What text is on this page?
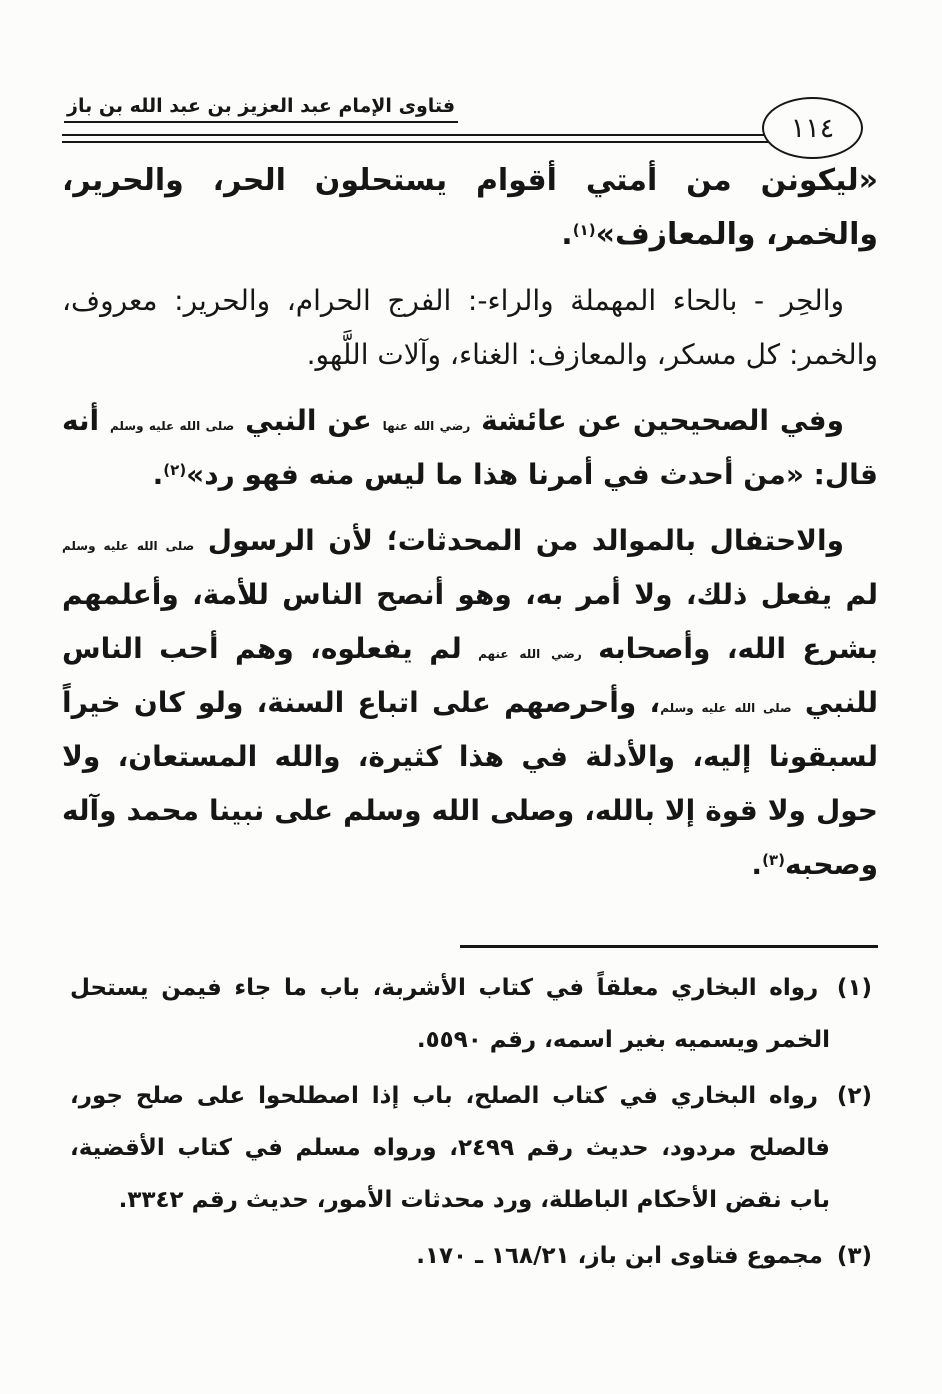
فتاوى الإمام عبد العزيز بن عبد الله بن باز
١١٤

«ليكونن من أمتي أقوام يستحلون الحر، والحرير، والخمر، والمعازف»$^{(١)}$.

والحِر - بالحاء المهملة والراء-: الفرج الحرام، والحرير: معروف، والخمر: كل مسكر، والمعازف: الغناء، وآلات اللَّهو.

وفي الصحيحين عن عائشة رضي الله عنها عن النبي صلى الله عليه وسلم أنه قال: «من أحدث في أمرنا هذا ما ليس منه فهو رد»$^{(٢)}$.

والاحتفال بالموالد من المحدثات؛ لأن الرسول صلى الله عليه وسلم لم يفعل ذلك، ولا أمر به، وهو أنصح الناس للأمة، وأعلمهم بشرع الله، وأصحابه رضي الله عنهم لم يفعلوه، وهم أحب الناس للنبي صلى الله عليه وسلم، وأحرصهم على اتباع السنة، ولو كان خيراً لسبقونا إليه، والأدلة في هذا كثيرة، والله المستعان، ولا حول ولا قوة إلا بالله، وصلى الله وسلم على نبينا محمد وآله وصحبه$^{(٣)}$.

(١) رواه البخاري معلقاً في كتاب الأشربة، باب ما جاء فيمن يستحل الخمر ويسميه بغير اسمه، رقم ٥٥٩٠.

(٢) رواه البخاري في كتاب الصلح، باب إذا اصطلحوا على صلح جور، فالصلح مردود، حديث رقم ٢٤٩٩، ورواه مسلم في كتاب الأقضية، باب نقض الأحكام الباطلة، ورد محدثات الأمور، حديث رقم ٣٣٤٢.

(٣) مجموع فتاوى ابن باز، ١٦٨/٢١ ـ ١٧٠.
